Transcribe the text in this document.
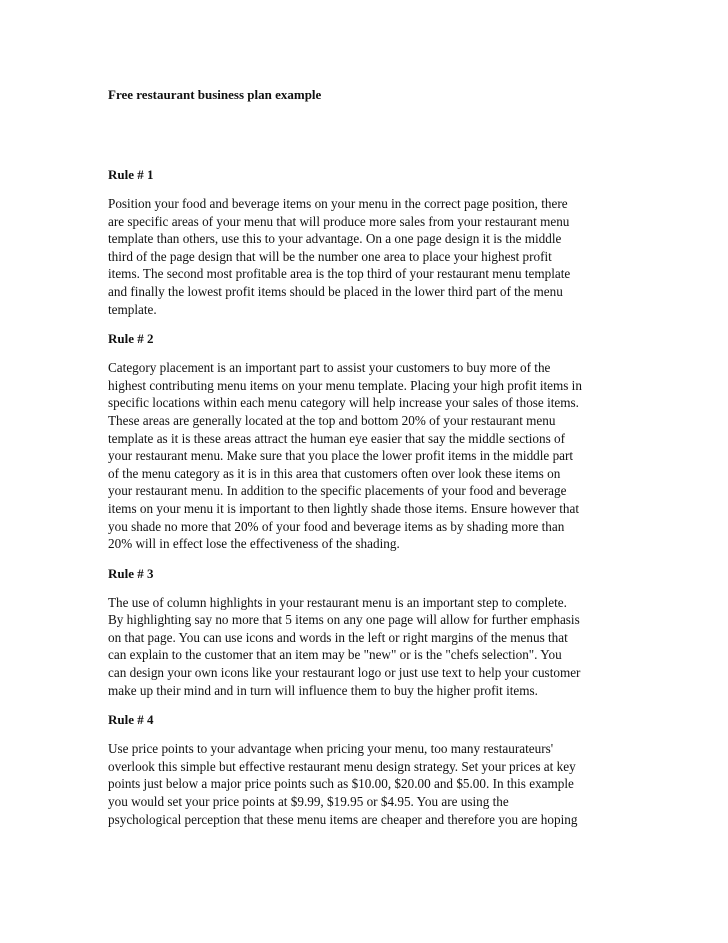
Free restaurant business plan example
Rule # 1
Position your food and beverage items on your menu in the correct page position, there
are specific areas of your menu that will produce more sales from your restaurant menu
template than others, use this to your advantage. On a one page design it is the middle
third of the page design that will be the number one area to place your highest profit
items. The second most profitable area is the top third of your restaurant menu template
and finally the lowest profit items should be placed in the lower third part of the menu
template.
Rule # 2
Category placement is an important part to assist your customers to buy more of the
highest contributing menu items on your menu template. Placing your high profit items in
specific locations within each menu category will help increase your sales of those items.
These areas are generally located at the top and bottom 20% of your restaurant menu
template as it is these areas attract the human eye easier that say the middle sections of
your restaurant menu. Make sure that you place the lower profit items in the middle part
of the menu category as it is in this area that customers often over look these items on
your restaurant menu. In addition to the specific placements of your food and beverage
items on your menu it is important to then lightly shade those items. Ensure however that
you shade no more that 20% of your food and beverage items as by shading more than
20% will in effect lose the effectiveness of the shading.
Rule # 3
The use of column highlights in your restaurant menu is an important step to complete.
By highlighting say no more that 5 items on any one page will allow for further emphasis
on that page. You can use icons and words in the left or right margins of the menus that
can explain to the customer that an item may be "new" or is the "chefs selection". You
can design your own icons like your restaurant logo or just use text to help your customer
make up their mind and in turn will influence them to buy the higher profit items.
Rule # 4
Use price points to your advantage when pricing your menu, too many restaurateurs'
overlook this simple but effective restaurant menu design strategy. Set your prices at key
points just below a major price points such as $10.00, $20.00 and $5.00. In this example
you would set your price points at $9.99, $19.95 or $4.95. You are using the
psychological perception that these menu items are cheaper and therefore you are hoping
